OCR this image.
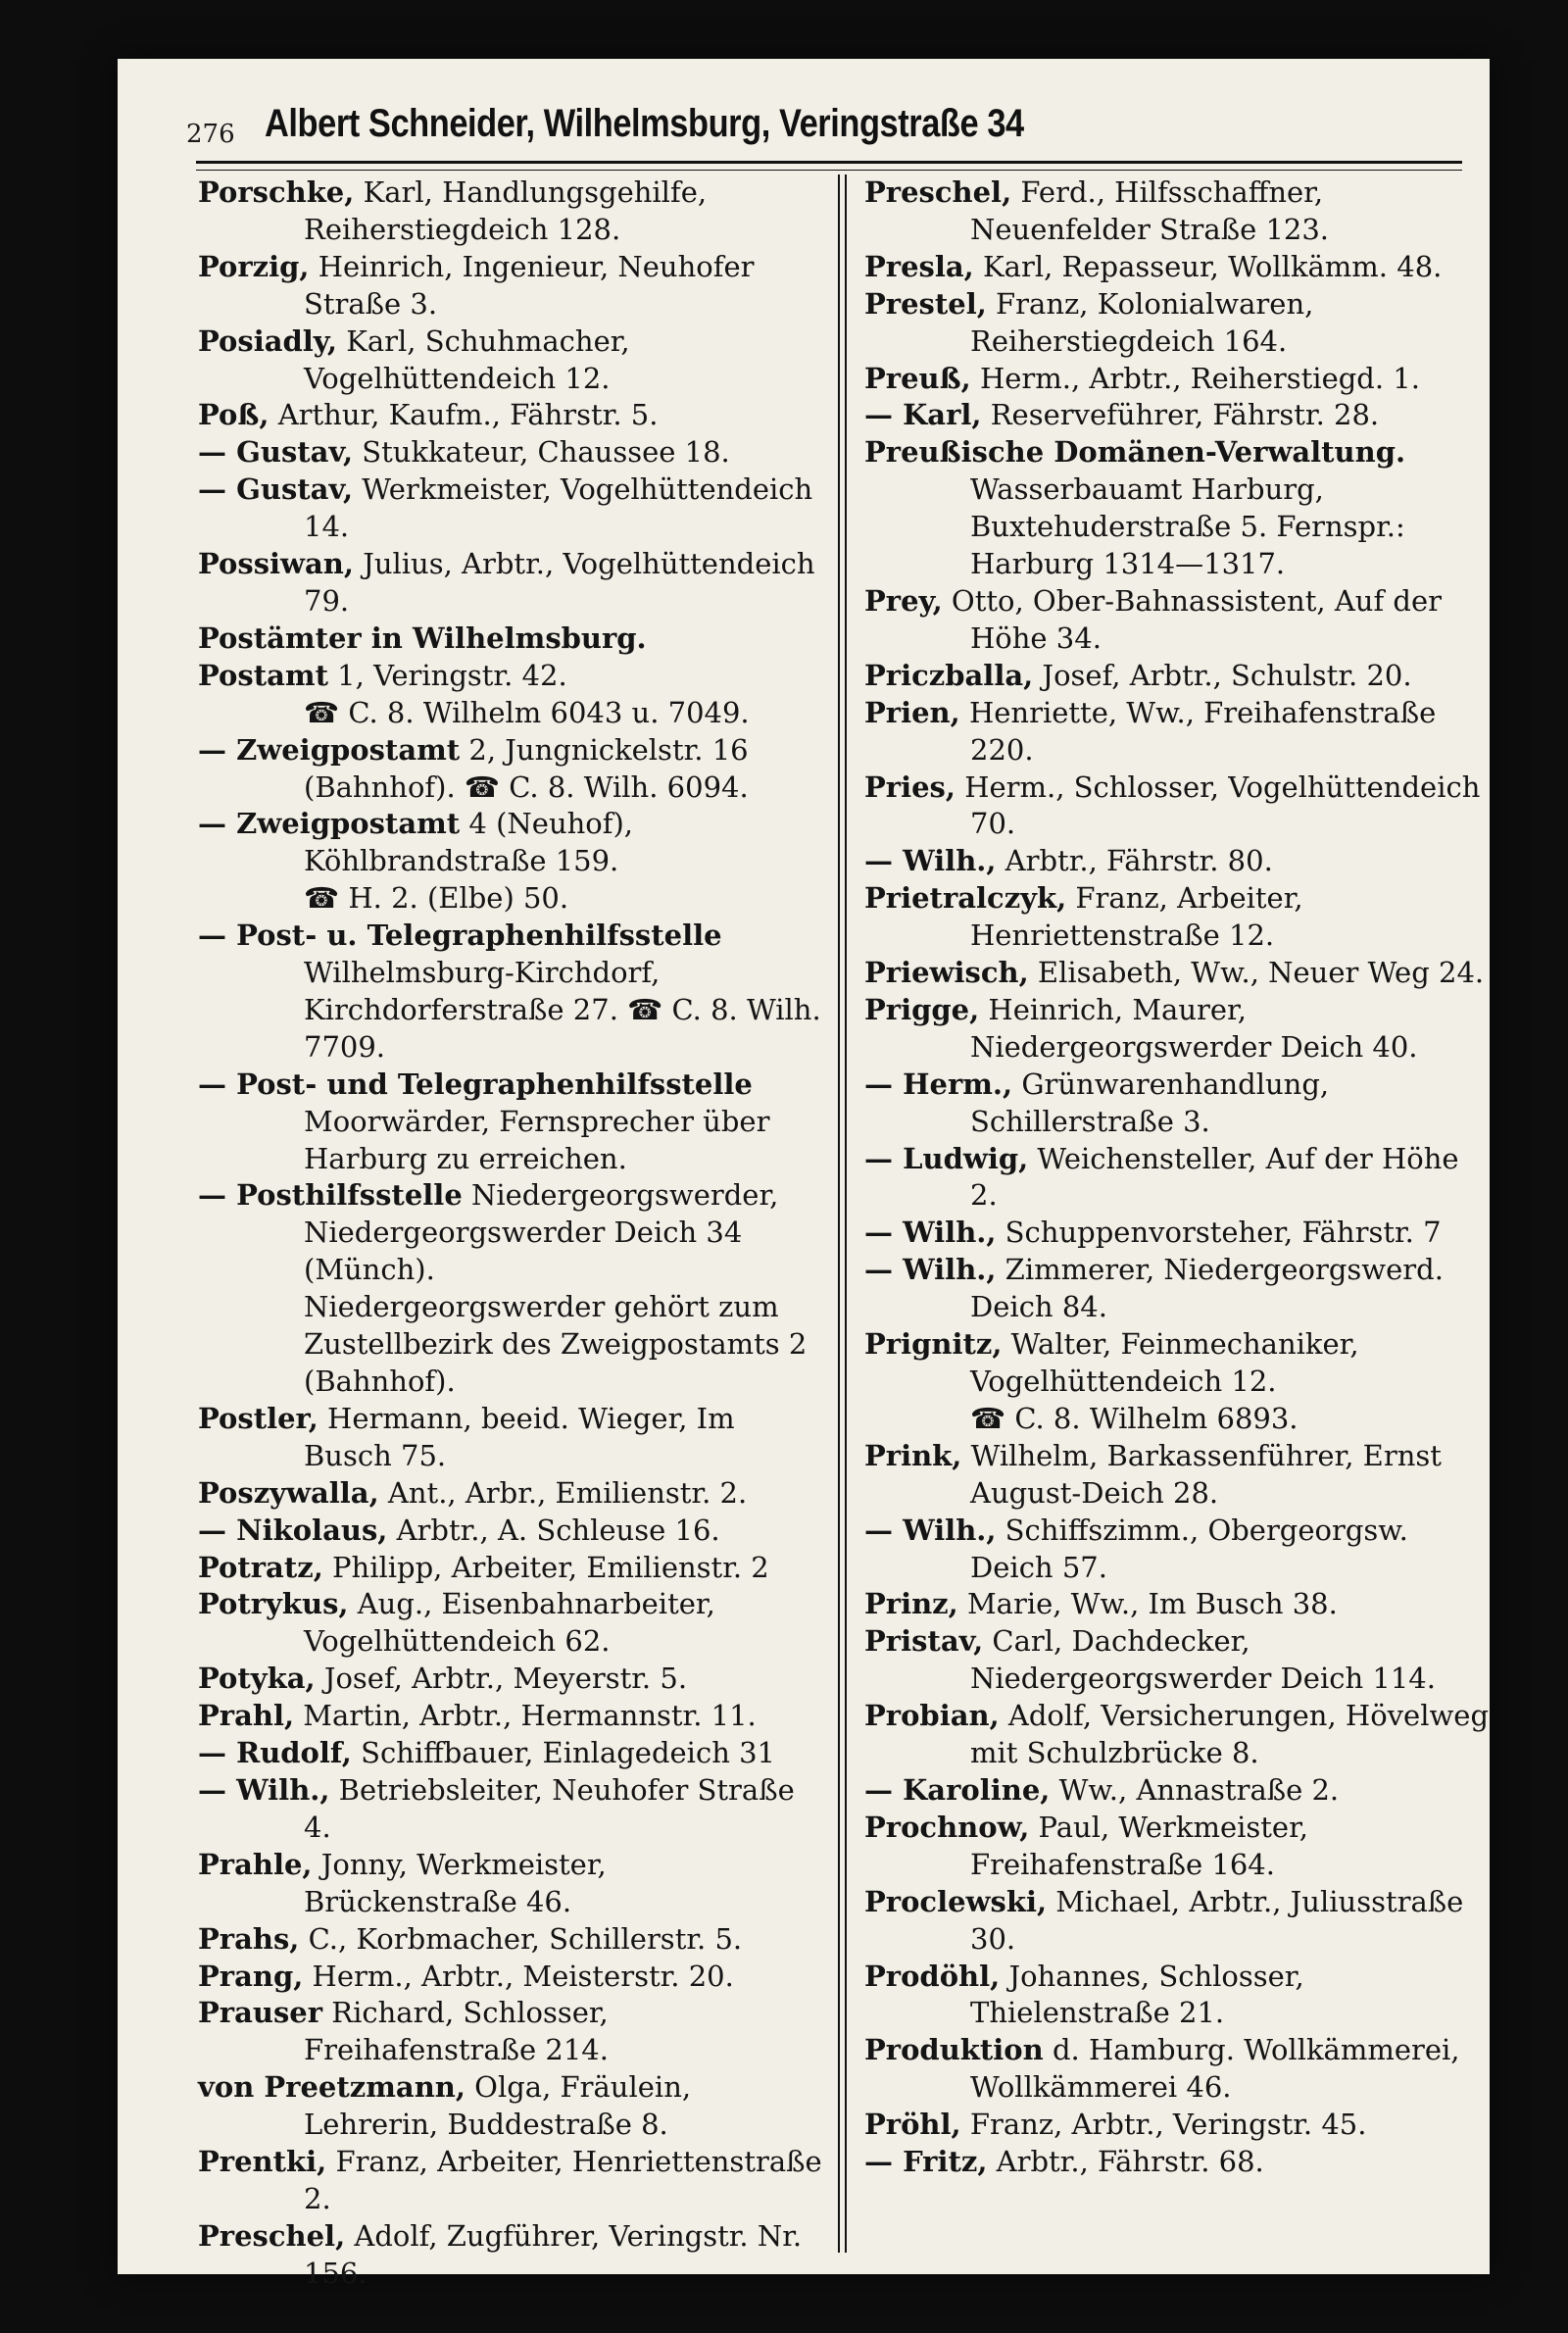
276 Albert Schneider, Wilhelmsburg, Veringstraße 34

Porschke, Karl, Handlungsgehilfe, Reiherstiegdeich 128.

Porzig, Heinrich, Ingenieur, Neuhofer Straße 3.

Posiadly, Karl, Schuhmacher, Vogelhüttendeich 12.

Poß, Arthur, Kaufm., Fährstr. 5.

— Gustav, Stukkateur, Chaussee 18.

— Gustav, Werkmeister, Vogelhüttendeich 14.

Possiwan, Julius, Arbtr., Vogelhüttendeich 79.

Postämter in Wilhelmsburg.

Postamt 1, Veringstr. 42.

☎ C. 8. Wilhelm 6043 u. 7049.

— Zweigpostamt 2, Jungnickelstr. 16 (Bahnhof). ☎ C. 8. Wilh. 6094.

— Zweigpostamt 4 (Neuhof), Köhlbrandstraße 159.

☎ H. 2. (Elbe) 50.

— Post- u. Telegraphenhilfsstelle Wilhelmsburg-Kirchdorf, Kirchdorferstraße 27. ☎ C. 8. Wilh. 7709.

— Post- und Telegraphenhilfsstelle Moorwärder, Fernsprecher über Harburg zu erreichen.

— Posthilfsstelle Niedergeorgswerder, Niedergeorgswerder Deich 34 (Münch).

Niedergeorgswerder gehört zum Zustellbezirk des Zweigpostamts 2 (Bahnhof).

Postler, Hermann, beeid. Wieger, Im Busch 75.

Poszywalla, Ant., Arbr., Emilienstr. 2.

— Nikolaus, Arbtr., A. Schleuse 16.

Potratz, Philipp, Arbeiter, Emilienstr. 2

Potrykus, Aug., Eisenbahnarbeiter, Vogelhüttendeich 62.

Potyka, Josef, Arbtr., Meyerstr. 5.

Prahl, Martin, Arbtr., Hermannstr. 11.

— Rudolf, Schiffbauer, Einlagedeich 31

— Wilh., Betriebsleiter, Neuhofer Straße 4.

Prahle, Jonny, Werkmeister, Brückenstraße 46.

Prahs, C., Korbmacher, Schillerstr. 5.

Prang, Herm., Arbtr., Meisterstr. 20.

Prauser Richard, Schlosser, Freihafenstraße 214.

von Preetzmann, Olga, Fräulein, Lehrerin, Buddestraße 8.

Prentki, Franz, Arbeiter, Henriettenstraße 2.

Preschel, Adolf, Zugführer, Veringstr. Nr. 156.

Preschel, Ferd., Hilfsschaffner, Neuenfelder Straße 123.

Presla, Karl, Repasseur, Wollkämm. 48.

Prestel, Franz, Kolonialwaren, Reiherstiegdeich 164.

Preuß, Herm., Arbtr., Reiherstiegd. 1.

— Karl, Reserveführer, Fährstr. 28.

Preußische Domänen-Verwaltung.

Wasserbauamt Harburg, Buxtehuderstraße 5. Fernspr.: Harburg 1314—1317.

Prey, Otto, Ober-Bahnassistent, Auf der Höhe 34.

Priczballa, Josef, Arbtr., Schulstr. 20.

Prien, Henriette, Ww., Freihafenstraße 220.

Pries, Herm., Schlosser, Vogelhüttendeich 70.

— Wilh., Arbtr., Fährstr. 80.

Prietralczyk, Franz, Arbeiter, Henriettenstraße 12.

Priewisch, Elisabeth, Ww., Neuer Weg 24.

Prigge, Heinrich, Maurer, Niedergeorgswerder Deich 40.

— Herm., Grünwarenhandlung, Schillerstraße 3.

— Ludwig, Weichensteller, Auf der Höhe 2.

— Wilh., Schuppenvorsteher, Fährstr. 7

— Wilh., Zimmerer, Niedergeorgswerd. Deich 84.

Prignitz, Walter, Feinmechaniker, Vogelhüttendeich 12.

☎ C. 8. Wilhelm 6893.

Prink, Wilhelm, Barkassenführer, Ernst August-Deich 28.

— Wilh., Schiffszimm., Obergeorgsw. Deich 57.

Prinz, Marie, Ww., Im Busch 38.

Pristav, Carl, Dachdecker, Niedergeorgswerder Deich 114.

Probian, Adolf, Versicherungen, Hövelweg mit Schulzbrücke 8.

— Karoline, Ww., Annastraße 2.

Prochnow, Paul, Werkmeister, Freihafenstraße 164.

Proclewski, Michael, Arbtr., Juliusstraße 30.

Prodöhl, Johannes, Schlosser, Thielenstraße 21.

Produktion d. Hamburg. Wollkämmerei, Wollkämmerei 46.

Pröhl, Franz, Arbtr., Veringstr. 45.

— Fritz, Arbtr., Fährstr. 68.
